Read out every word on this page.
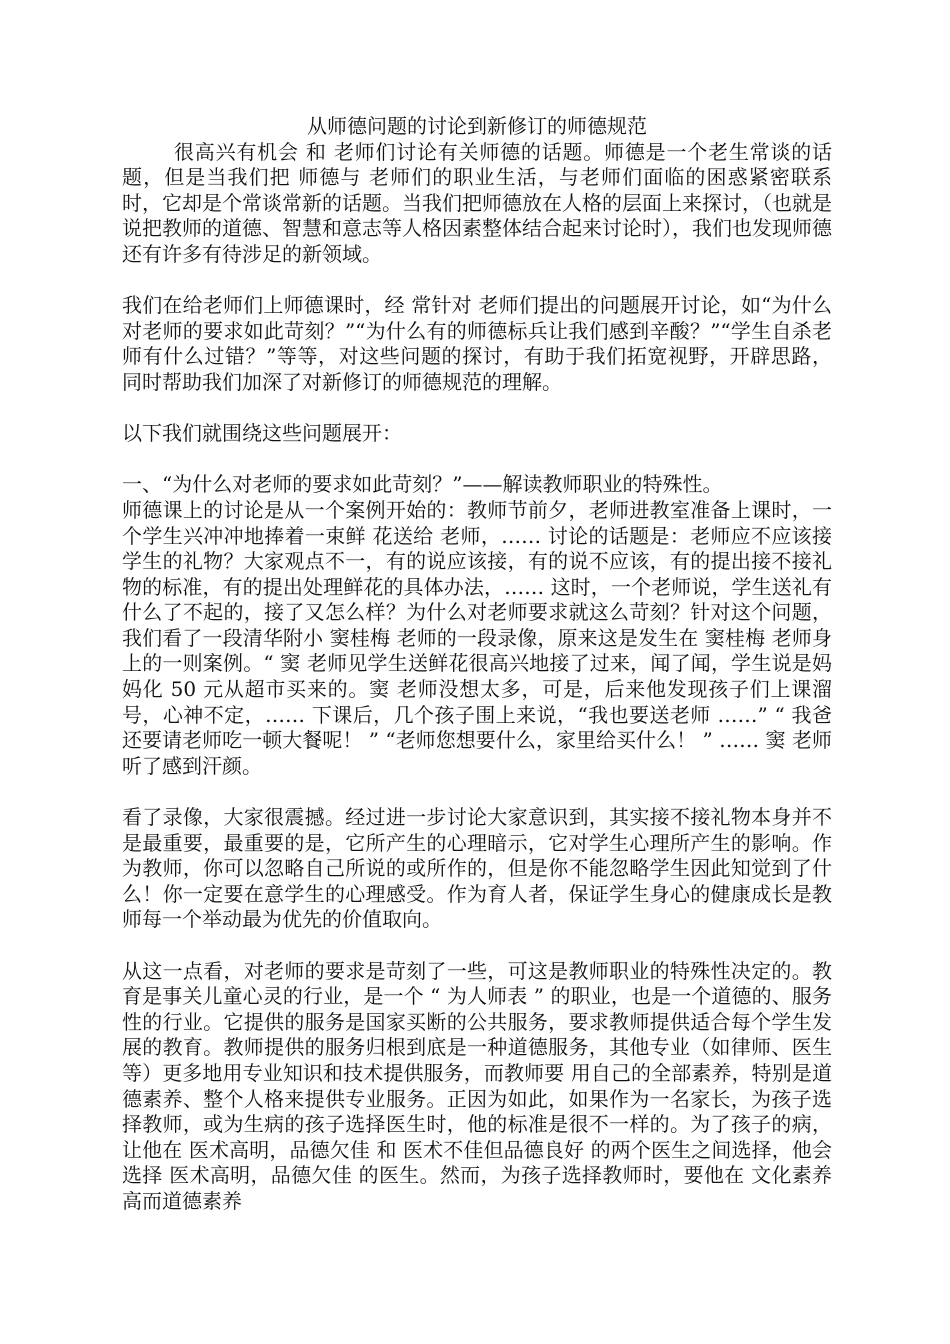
从师德问题的讨论到新修订的师德规范

很高兴有机会 和 老师们讨论有关师德的话题。师德是一个老生常谈的话题，但是当我们把 师德与 老师们的职业生活，与老师们面临的困惑紧密联系时，它却是个常谈常新的话题。当我们把师德放在人格的层面上来探讨，（也就是说把教师的道德、智慧和意志等人格因素整体结合起来讨论时），我们也发现师德还有许多有待涉足的新领域。

我们在给老师们上师德课时，经 常针对 老师们提出的问题展开讨论，如“为什么对老师的要求如此苛刻？”“为什么有的师德标兵让我们感到辛酸？”“学生自杀老师有什么过错？”等等，对这些问题的探讨，有助于我们拓宽视野，开辟思路，同时帮助我们加深了对新修订的师德规范的理解。

以下我们就围绕这些问题展开：

一、“为什么对老师的要求如此苛刻？”——解读教师职业的特殊性。

师德课上的讨论是从一个案例开始的：教师节前夕，老师进教室准备上课时，一个学生兴冲冲地捧着一束鲜 花送给 老师，…… 讨论的话题是：老师应不应该接学生的礼物？大家观点不一，有的说应该接，有的说不应该，有的提出接不接礼物的标准，有的提出处理鲜花的具体办法，…… 这时，一个老师说，学生送礼有什么了不起的，接了又怎么样？为什么对老师要求就这么苛刻？针对这个问题，我们看了一段清华附小 窦桂梅 老师的一段录像，原来这是发生在 窦桂梅 老师身上的一则案例。“ 窦 老师见学生送鲜花很高兴地接了过来，闻了闻，学生说是妈妈化 50 元从超市买来的。窦 老师没想太多，可是，后来他发现孩子们上课溜号，心神不定，…… 下课后，几个孩子围上来说，“我也要送老师 ……” “ 我爸还要请老师吃一顿大餐呢！ ” “老师您想要什么，家里给买什么！ ” …… 窦 老师听了感到汗颜。

看了录像，大家很震撼。经过进一步讨论大家意识到，其实接不接礼物本身并不是最重要，最重要的是，它所产生的心理暗示，它对学生心理所产生的影响。作为教师，你可以忽略自己所说的或所作的，但是你不能忽略学生因此知觉到了什么！你一定要在意学生的心理感受。作为育人者，保证学生身心的健康成长是教师每一个举动最为优先的价值取向。

从这一点看，对老师的要求是苛刻了一些，可这是教师职业的特殊性决定的。教育是事关儿童心灵的行业，是一个 “ 为人师表 ” 的职业，也是一个道德的、服务性的行业。它提供的服务是国家买断的公共服务，要求教师提供适合每个学生发展的教育。教师提供的服务归根到底是一种道德服务，其他专业（如律师、医生等）更多地用专业知识和技术提供服务，而教师要 用自己的全部素养，特别是道德素养、整个人格来提供专业服务。正因为如此，如果作为一名家长，为孩子选择教师，或为生病的孩子选择医生时，他的标准是很不一样的。为了孩子的病，让他在 医术高明，品德欠佳 和 医术不佳但品德良好 的两个医生之间选择，他会选择 医术高明，品德欠佳 的医生。然而，为孩子选择教师时，要他在 文化素养高而道德素养
